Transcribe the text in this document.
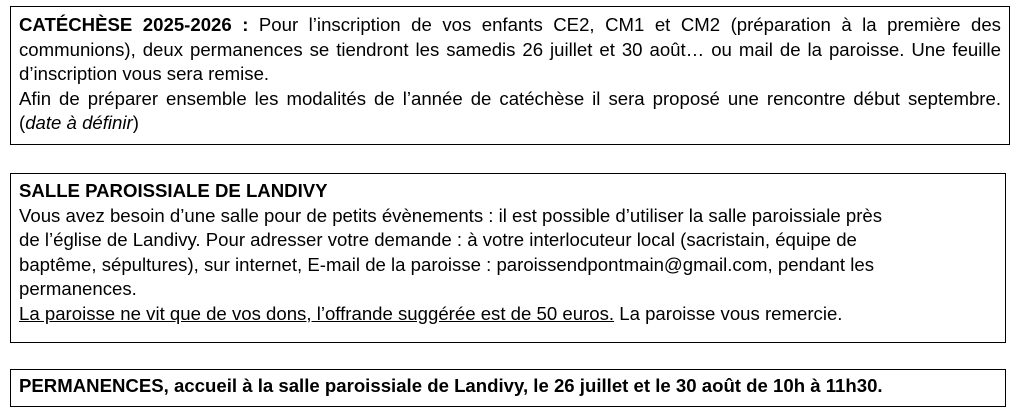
CATÉCHÈSE 2025-2026 : Pour l’inscription de vos enfants CE2, CM1 et CM2 (préparation à la première des communions), deux permanences se tiendront les samedis 26 juillet et 30 août… ou mail de la paroisse. Une feuille d’inscription vous sera remise.

Afin de préparer ensemble les modalités de l’année de catéchèse il sera proposé une rencontre début septembre. (date à définir)

SALLE PAROISSIALE DE LANDIVY

Vous avez besoin d’une salle pour de petits évènements : il est possible d’utiliser la salle paroissiale près

de l’église de Landivy. Pour adresser votre demande : à votre interlocuteur local (sacristain, équipe de

baptême, sépultures), sur internet, E-mail de la paroisse : paroissendpontmain@gmail.com, pendant les

permanences.

La paroisse ne vit que de vos dons, l’offrande suggérée est de 50 euros. La paroisse vous remercie.

PERMANENCES, accueil à la salle paroissiale de Landivy, le 26 juillet et le 30 août de 10h à 11h30.
